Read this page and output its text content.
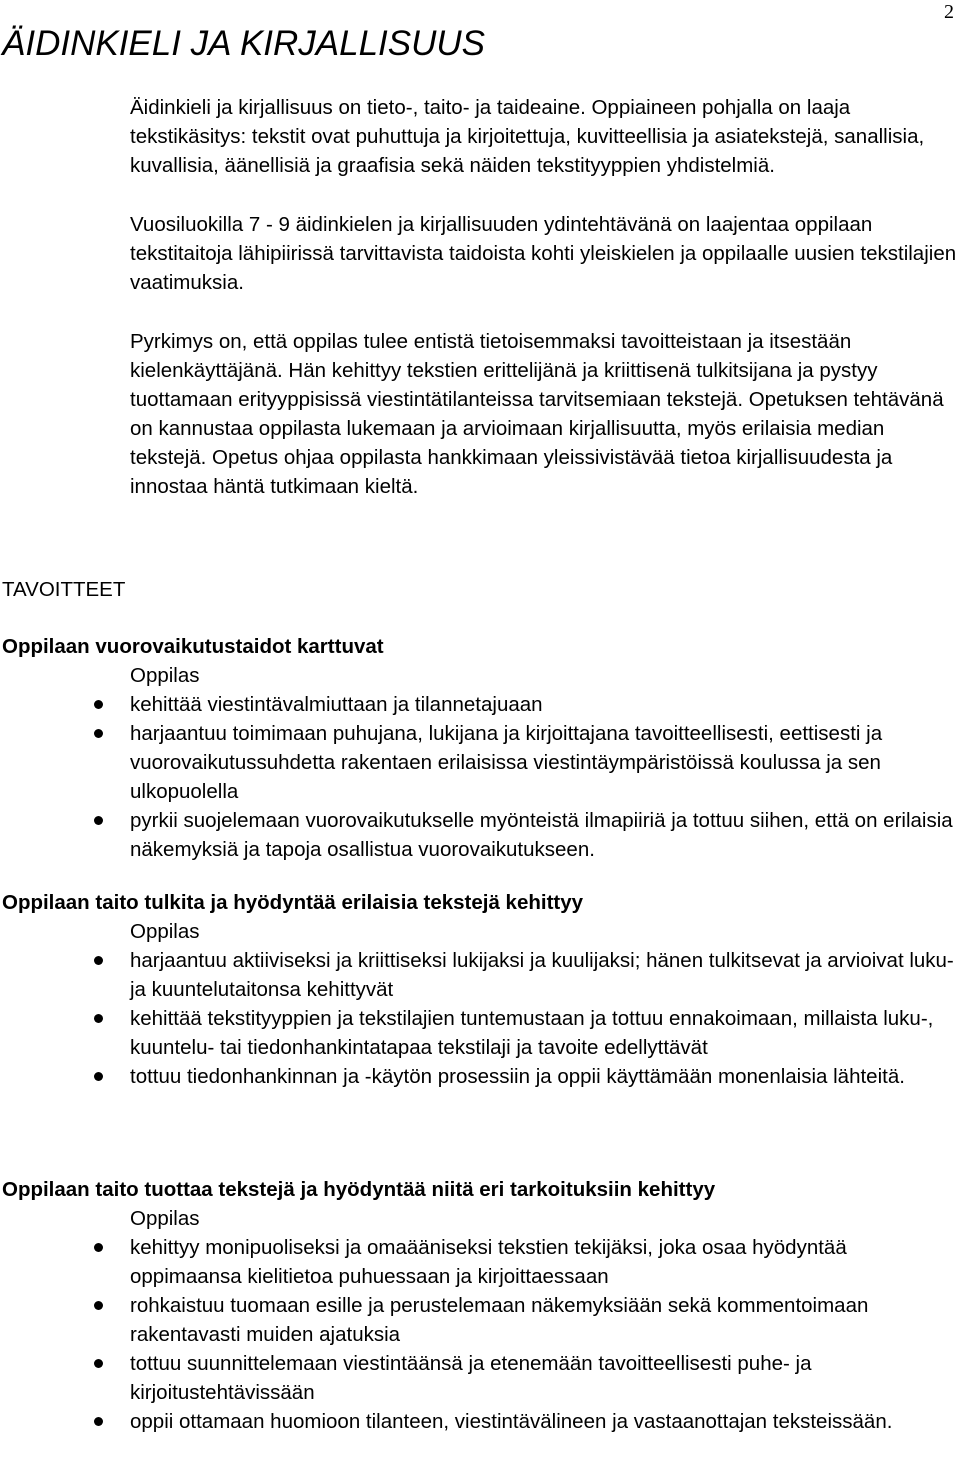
2
ÄIDINKIELI JA KIRJALLISUUS

Äidinkieli ja kirjallisuus on tieto-, taito- ja taideaine. Oppiaineen pohjalla on laaja tekstikäsitys: tekstit ovat puhuttuja ja kirjoitettuja, kuvitteellisia ja asiatekstejä, sanallisia, kuvallisia, äänellisiä ja graafisia sekä näiden tekstityyppien yhdistelmiä.

Vuosiluokilla 7 - 9 äidinkielen ja kirjallisuuden ydintehtävänä on laajentaa oppilaan tekstitaitoja lähipiirissä tarvittavista taidoista kohti yleiskielen ja oppilaalle uusien tekstilajien vaatimuksia.

Pyrkimys on, että oppilas tulee entistä tietoisemmaksi tavoitteistaan ja itsestään kielenkäyttäjänä. Hän kehittyy tekstien erittelijänä ja kriittisenä tulkitsijana ja pystyy tuottamaan erityyppisissä viestintätilanteissa tarvitsemiaan tekstejä. Opetuksen tehtävänä on kannustaa oppilasta lukemaan ja arvioimaan kirjallisuutta, myös erilaisia median tekstejä. Opetus ohjaa oppilasta hankkimaan yleissivistävää tietoa kirjallisuudesta ja innostaa häntä tutkimaan kieltä.

TAVOITTEET
Oppilaan vuorovaikutustaidot karttuvat
Oppilas
kehittää viestintävalmiuttaan ja tilannetajuaan
harjaantuu toimimaan puhujana, lukijana ja kirjoittajana tavoitteellisesti, eettisesti ja vuorovaikutussuhdetta rakentaen erilaisissa viestintäympäristöissä koulussa ja sen ulkopuolella
pyrkii suojelemaan vuorovaikutukselle myönteistä ilmapiiriä ja tottuu siihen, että on erilaisia näkemyksiä ja tapoja osallistua vuorovaikutukseen.
Oppilaan taito tulkita ja hyödyntää erilaisia tekstejä kehittyy
Oppilas
harjaantuu aktiiviseksi ja kriittiseksi lukijaksi ja kuulijaksi; hänen tulkitsevat ja arvioivat luku- ja kuuntelutaitonsa kehittyvät
kehittää tekstityyppien ja tekstilajien tuntemustaan ja tottuu ennakoimaan, millaista luku-, kuuntelu- tai tiedonhankintatapaa tekstilaji ja tavoite edellyttävät
tottuu tiedonhankinnan ja -käytön prosessiin ja oppii käyttämään monenlaisia lähteitä.
Oppilaan taito tuottaa tekstejä ja hyödyntää niitä eri tarkoituksiin kehittyy
Oppilas
kehittyy monipuoliseksi ja omaääniseksi tekstien tekijäksi, joka osaa hyödyntää oppimaansa kielitietoa puhuessaan ja kirjoittaessaan
rohkaistuu tuomaan esille ja perustelemaan näkemyksiään sekä kommentoimaan rakentavasti muiden ajatuksia
tottuu suunnittelemaan viestintäänsä ja etenemään tavoitteellisesti puhe- ja kirjoitustehtävissään
oppii ottamaan huomioon tilanteen, viestintävälineen ja vastaanottajan teksteissään.
